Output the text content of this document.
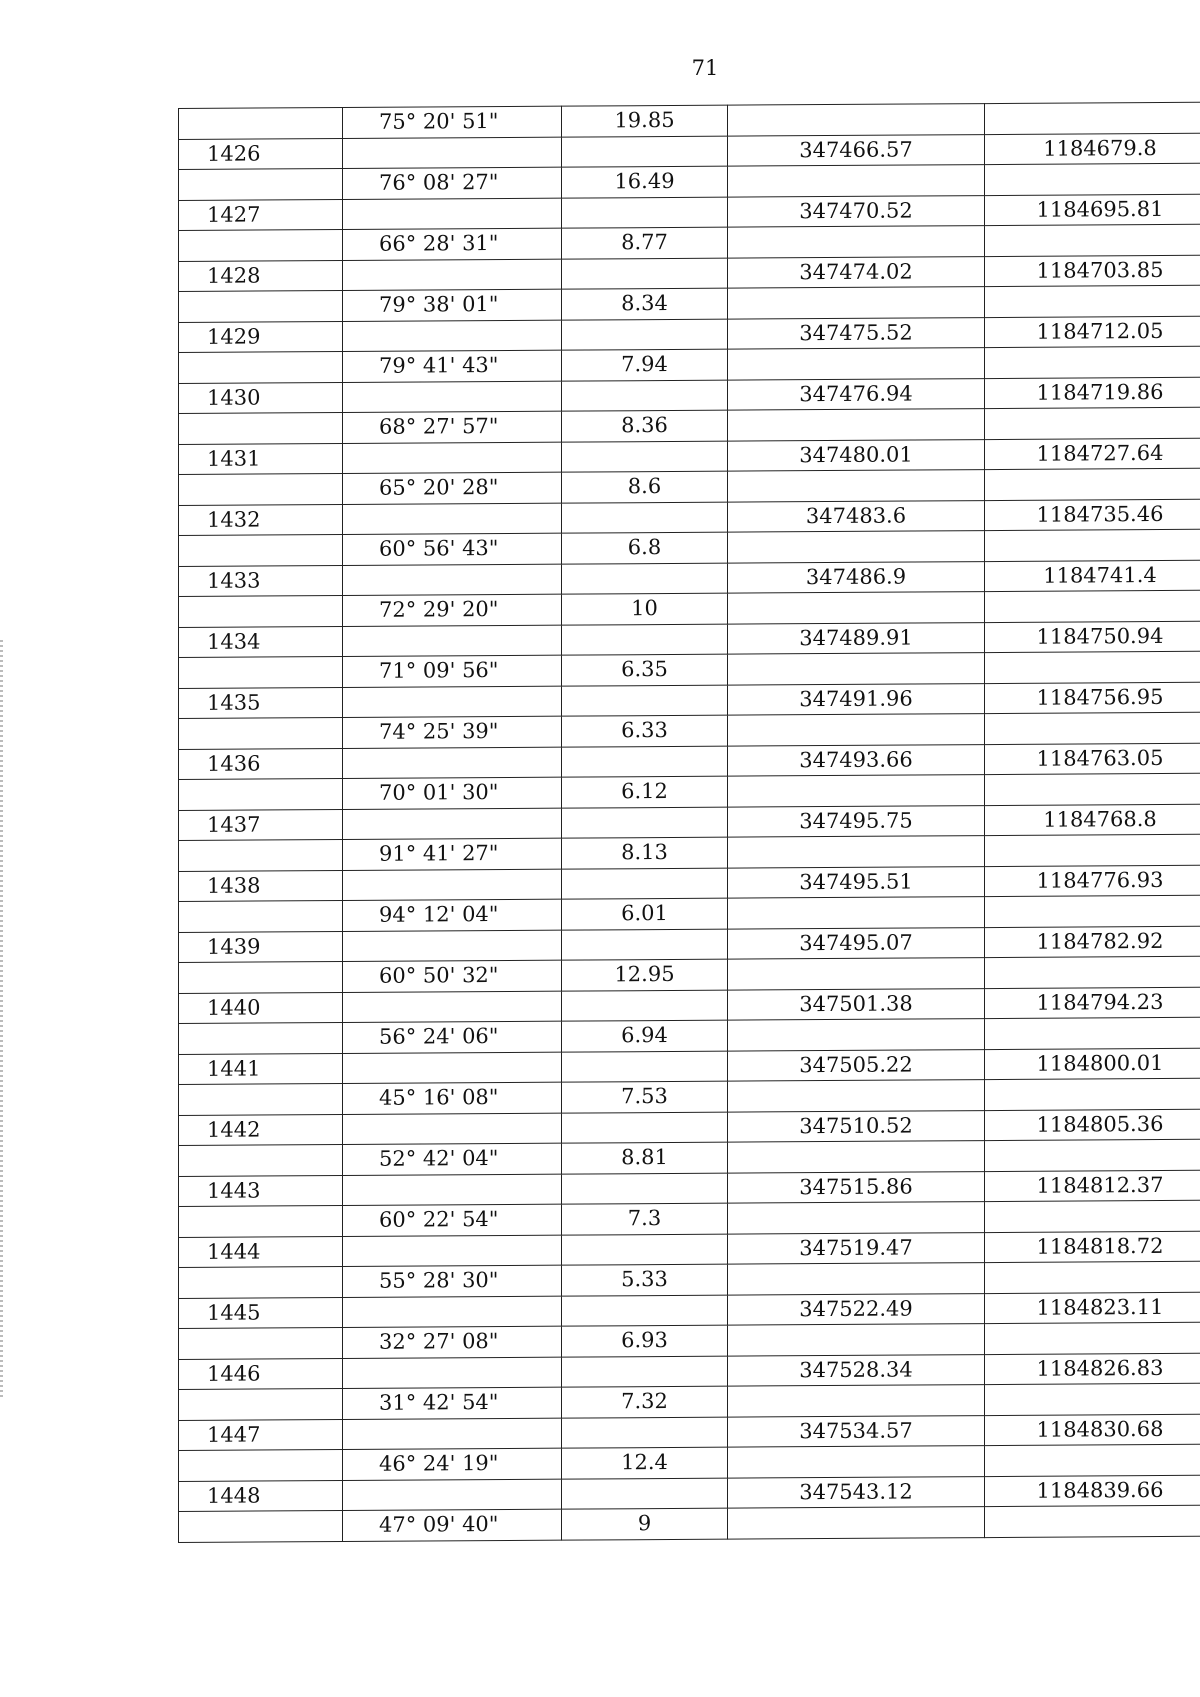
71
	75° 20' 51"	19.85		
1426			347466.57	1184679.8
	76° 08' 27"	16.49		
1427			347470.52	1184695.81
	66° 28' 31"	8.77		
1428			347474.02	1184703.85
	79° 38' 01"	8.34		
1429			347475.52	1184712.05
	79° 41' 43"	7.94		
1430			347476.94	1184719.86
	68° 27' 57"	8.36		
1431			347480.01	1184727.64
	65° 20' 28"	8.6		
1432			347483.6	1184735.46
	60° 56' 43"	6.8		
1433			347486.9	1184741.4
	72° 29' 20"	10		
1434			347489.91	1184750.94
	71° 09' 56"	6.35		
1435			347491.96	1184756.95
	74° 25' 39"	6.33		
1436			347493.66	1184763.05
	70° 01' 30"	6.12		
1437			347495.75	1184768.8
	91° 41' 27"	8.13		
1438			347495.51	1184776.93
	94° 12' 04"	6.01		
1439			347495.07	1184782.92
	60° 50' 32"	12.95		
1440			347501.38	1184794.23
	56° 24' 06"	6.94		
1441			347505.22	1184800.01
	45° 16' 08"	7.53		
1442			347510.52	1184805.36
	52° 42' 04"	8.81		
1443			347515.86	1184812.37
	60° 22' 54"	7.3		
1444			347519.47	1184818.72
	55° 28' 30"	5.33		
1445			347522.49	1184823.11
	32° 27' 08"	6.93		
1446			347528.34	1184826.83
	31° 42' 54"	7.32		
1447			347534.57	1184830.68
	46° 24' 19"	12.4		
1448			347543.12	1184839.66
	47° 09' 40"	9		
